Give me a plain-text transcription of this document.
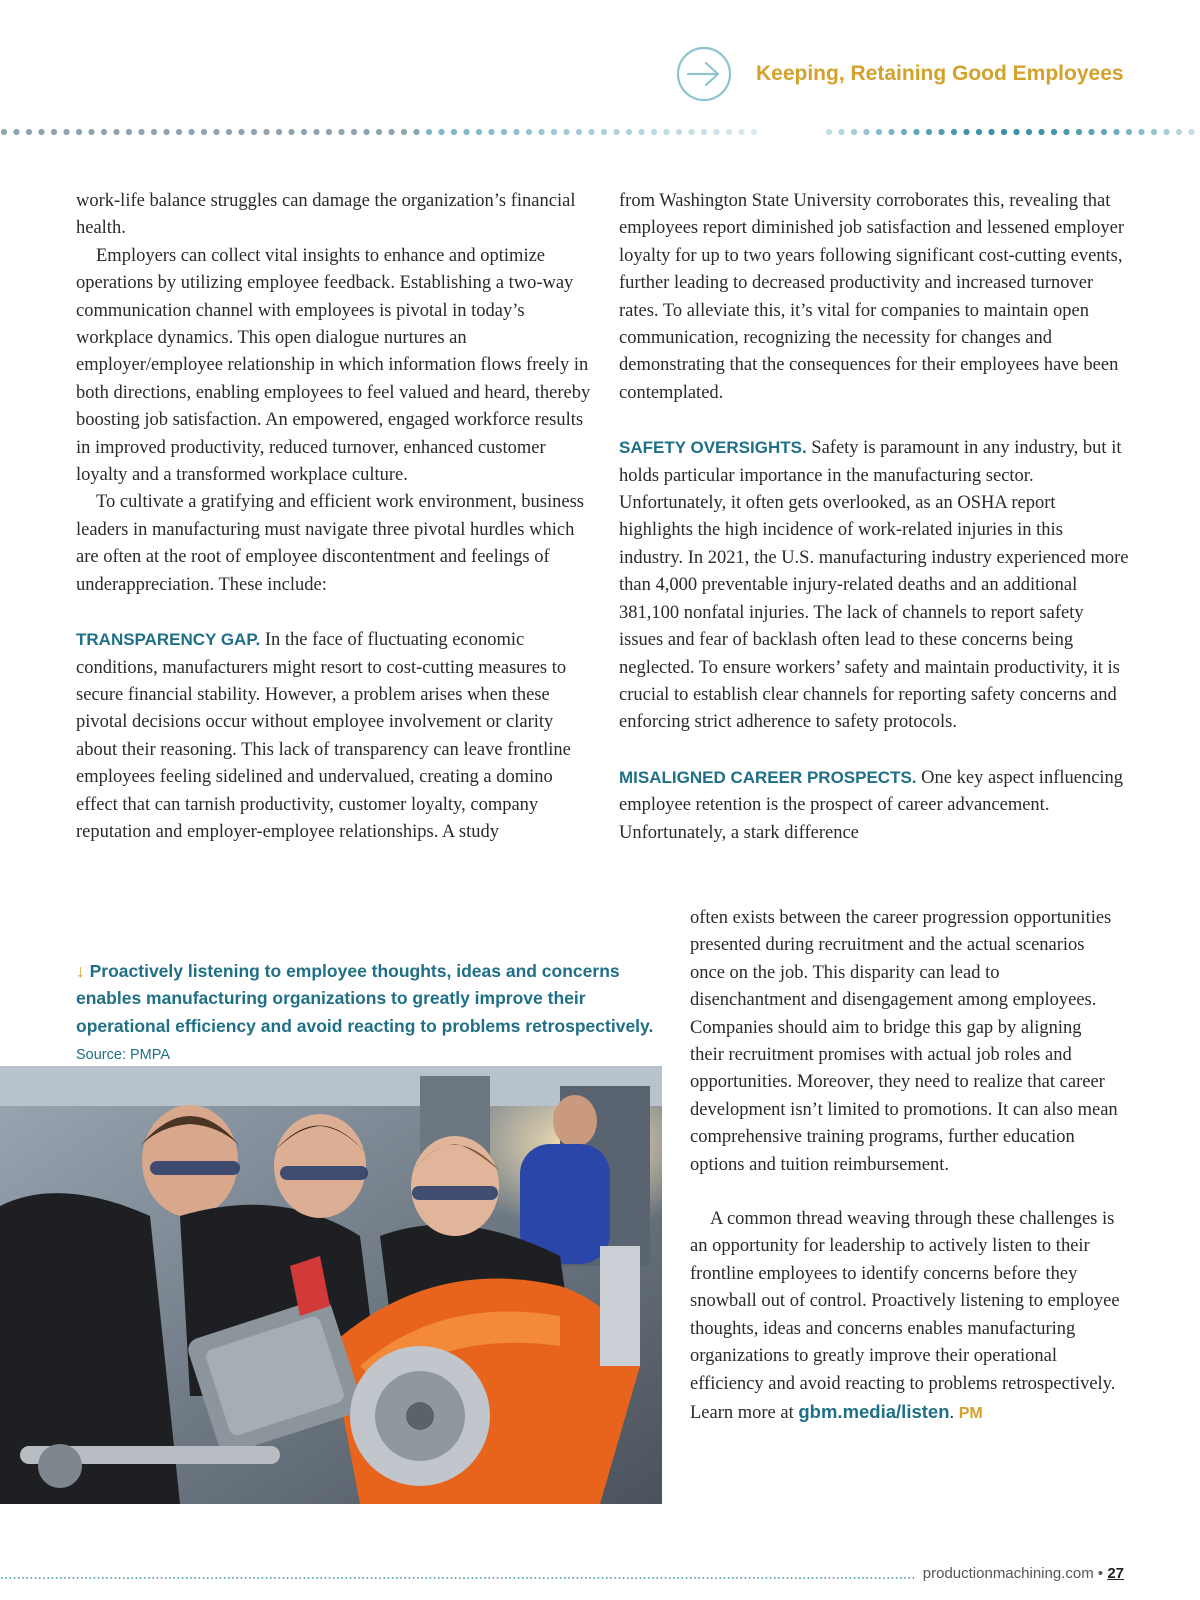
Keeping, Retaining Good Employees

work-life balance struggles can damage the organization’s financial health.

Employers can collect vital insights to enhance and optimize operations by utilizing employee feedback. Establishing a two-way communication channel with employees is pivotal in today’s workplace dynamics. This open dialogue nurtures an employer/employee relationship in which information flows freely in both directions, enabling employees to feel valued and heard, thereby boosting job satisfaction. An empowered, engaged workforce results in improved productivity, reduced turnover, enhanced customer loyalty and a transformed workplace culture.

To cultivate a gratifying and efficient work environment, business leaders in manufacturing must navigate three pivotal hurdles which are often at the root of employee discontentment and feelings of underappreciation. These include:

TRANSPARENCY GAP. In the face of fluctuating economic conditions, manufacturers might resort to cost-cutting measures to secure financial stability. However, a problem arises when these pivotal decisions occur without employee involvement or clarity about their reasoning. This lack of transparency can leave frontline employees feeling sidelined and undervalued, creating a domino effect that can tarnish productivity, customer loyalty, company reputation and employer-employee relationships. A study

from Washington State University corroborates this, revealing that employees report diminished job satisfaction and lessened employer loyalty for up to two years following significant cost-cutting events, further leading to decreased productivity and increased turnover rates. To alleviate this, it’s vital for companies to maintain open communication, recognizing the necessity for changes and demonstrating that the consequences for their employees have been contemplated.

SAFETY OVERSIGHTS. Safety is paramount in any industry, but it holds particular importance in the manufacturing sector. Unfortunately, it often gets overlooked, as an OSHA report highlights the high incidence of work-related injuries in this industry. In 2021, the U.S. manufacturing industry experienced more than 4,000 preventable injury-related deaths and an additional 381,100 nonfatal injuries. The lack of channels to report safety issues and fear of backlash often lead to these concerns being neglected. To ensure workers’ safety and maintain productivity, it is crucial to establish clear channels for reporting safety concerns and enforcing strict adherence to safety protocols.

MISALIGNED CAREER PROSPECTS. One key aspect influencing employee retention is the prospect of career advancement. Unfortunately, a stark difference

often exists between the career progression opportunities presented during recruitment and the actual scenarios once on the job. This disparity can lead to disenchantment and disengagement among employees. Companies should aim to bridge this gap by aligning their recruitment promises with actual job roles and opportunities. Moreover, they need to realize that career development isn’t limited to promotions. It can also mean comprehensive training programs, further education options and tuition reimbursement.

A common thread weaving through these challenges is an opportunity for leadership to actively listen to their frontline employees to identify concerns before they snowball out of control. Proactively listening to employee thoughts, ideas and concerns enables manufacturing organizations to greatly improve their operational efficiency and avoid reacting to problems retrospectively. Learn more at gbm.media/listen. PM

↓ Proactively listening to employee thoughts, ideas and concerns enables manufacturing organizations to greatly improve their operational efficiency and avoid reacting to problems retrospectively. Source: PMPA
productionmachining.com • 27
